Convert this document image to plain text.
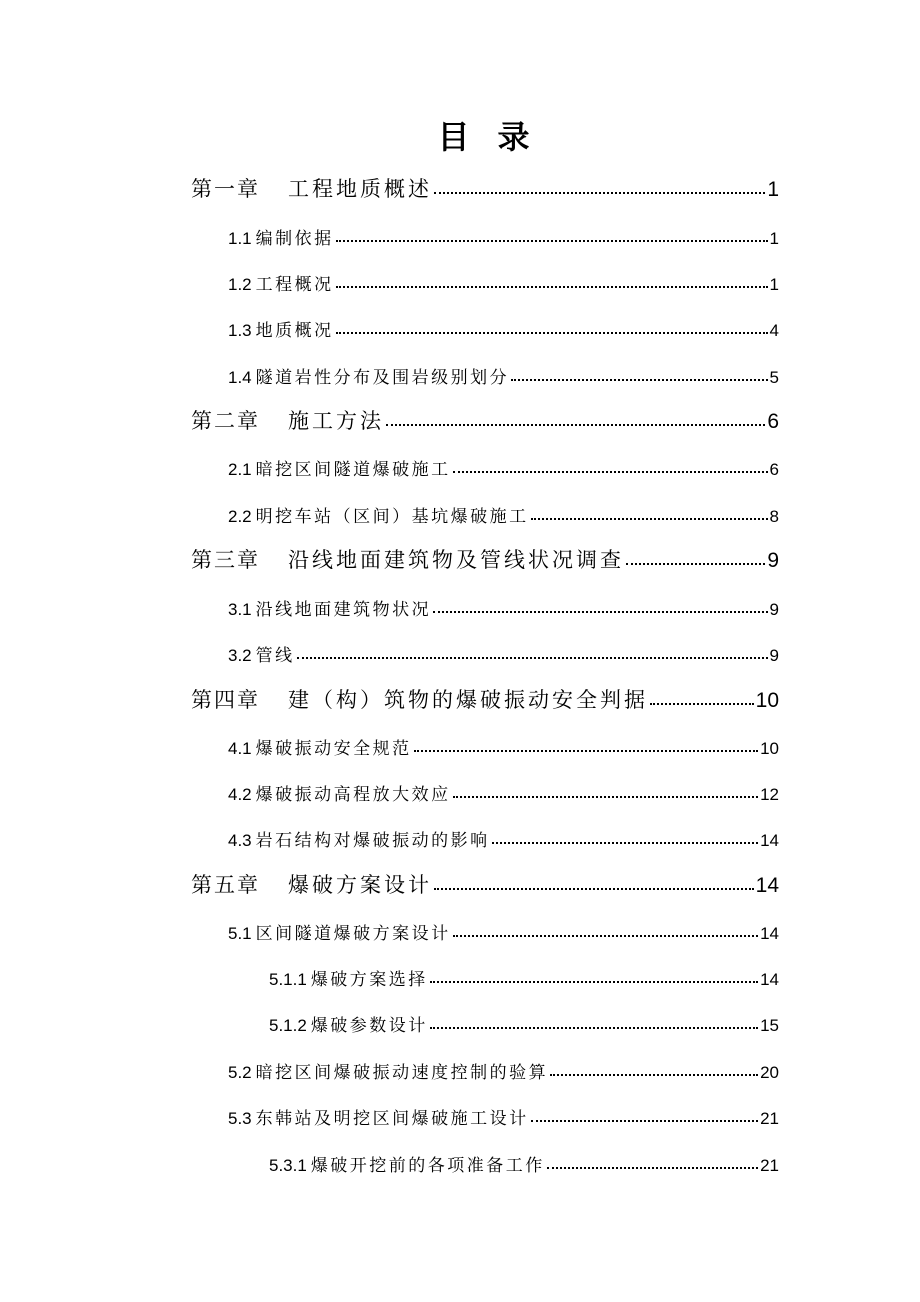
目录
第一章 工程地质概述	1
1.1 编制依据	1
1.2 工程概况	1
1.3 地质概况	4
1.4 隧道岩性分布及围岩级别划分	5
第二章 施工方法	6
2.1 暗挖区间隧道爆破施工	6
2.2 明挖车站（区间）基坑爆破施工	8
第三章 沿线地面建筑物及管线状况调查	9
3.1 沿线地面建筑物状况	9
3.2 管线	9
第四章 建（构）筑物的爆破振动安全判据	10
4.1 爆破振动安全规范	10
4.2 爆破振动高程放大效应	12
4.3 岩石结构对爆破振动的影响	14
第五章 爆破方案设计	14
5.1 区间隧道爆破方案设计	14
5.1.1 爆破方案选择	14
5.1.2 爆破参数设计	15
5.2 暗挖区间爆破振动速度控制的验算	20
5.3 东韩站及明挖区间爆破施工设计	21
5.3.1 爆破开挖前的各项准备工作	21
